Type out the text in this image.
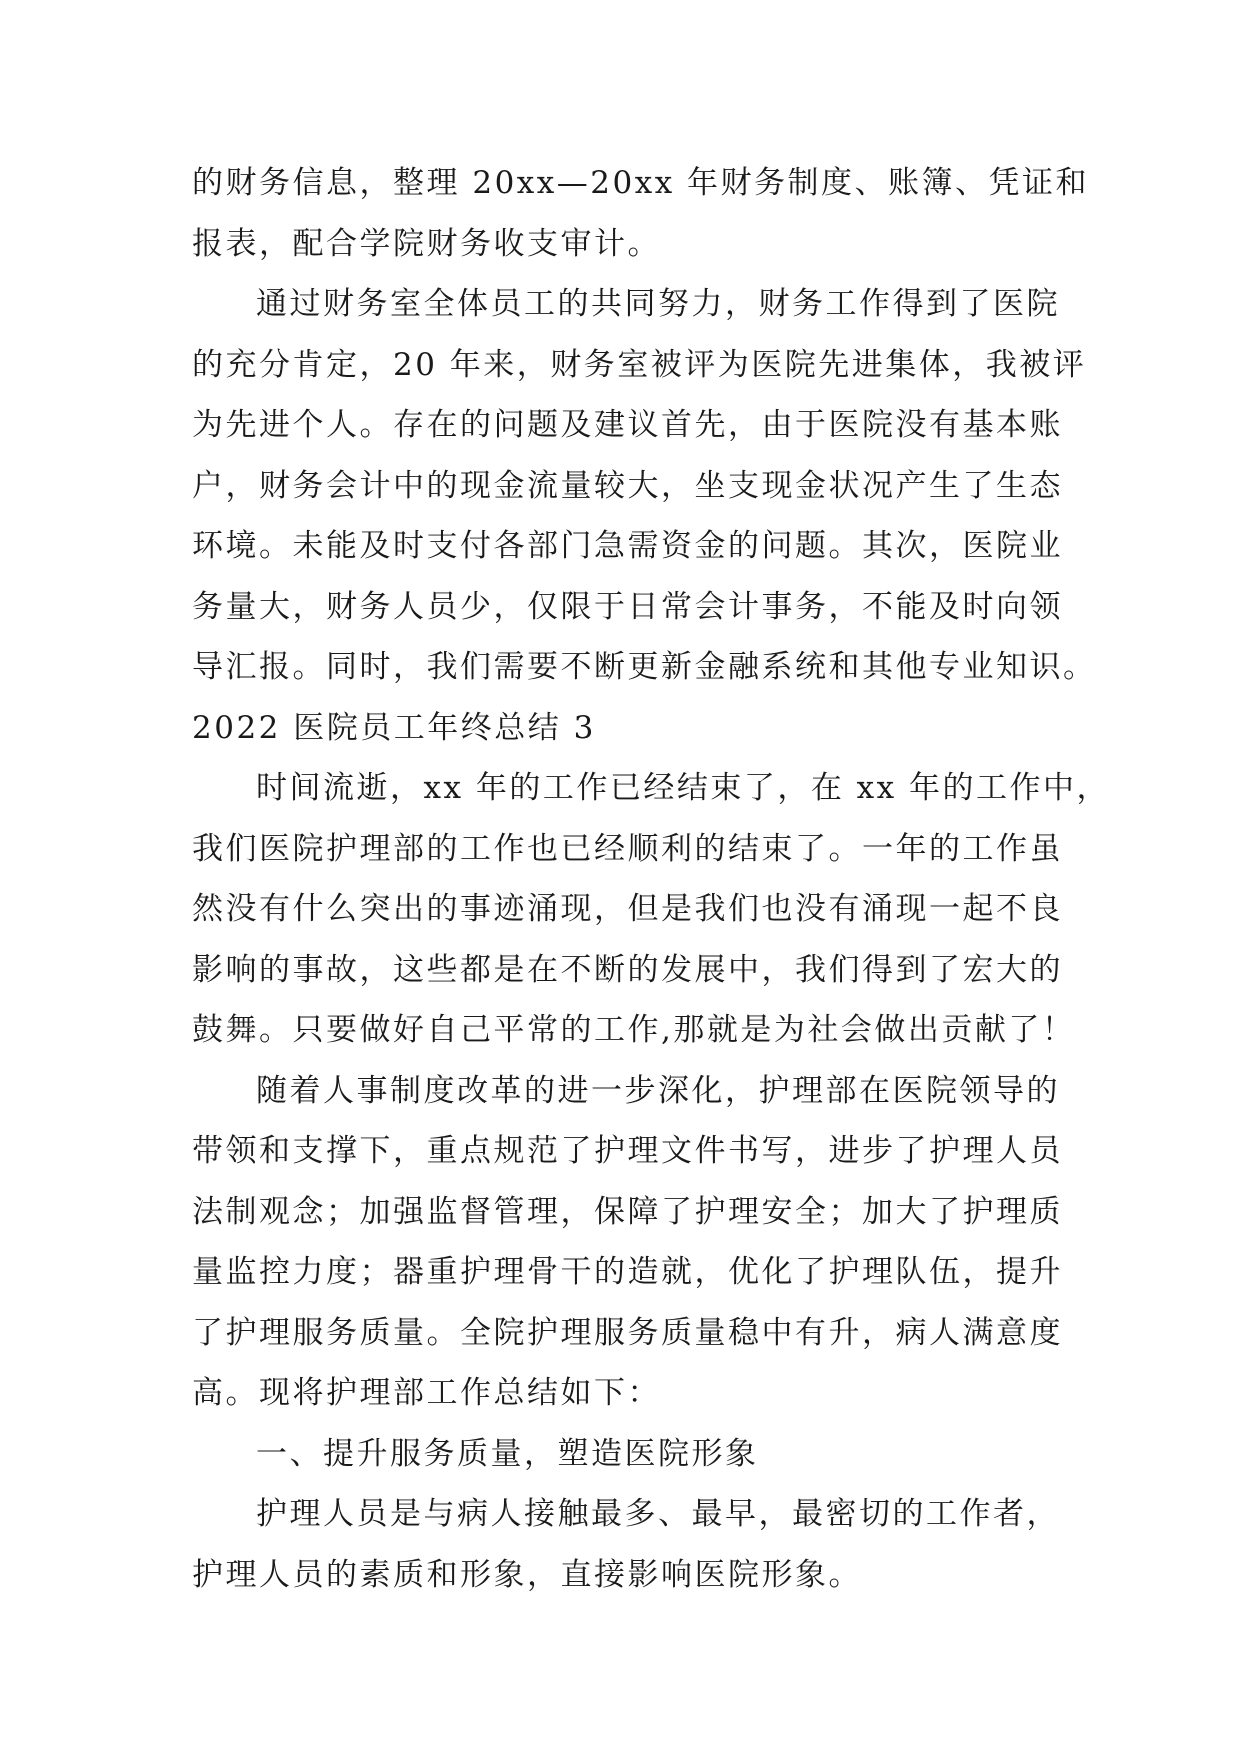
的财务信息，整理 20xx—20xx 年财务制度、账簿、凭证和
报表，配合学院财务收支审计。
通过财务室全体员工的共同努力，财务工作得到了医院
的充分肯定，20 年来，财务室被评为医院先进集体，我被评
为先进个人。存在的问题及建议首先，由于医院没有基本账
户，财务会计中的现金流量较大，坐支现金状况产生了生态
环境。未能及时支付各部门急需资金的问题。其次，医院业
务量大，财务人员少，仅限于日常会计事务，不能及时向领
导汇报。同时，我们需要不断更新金融系统和其他专业知识。
2022 医院员工年终总结 3
时间流逝，xx 年的工作已经结束了，在 xx 年的工作中，
我们医院护理部的工作也已经顺利的结束了。一年的工作虽
然没有什么突出的事迹涌现，但是我们也没有涌现一起不良
影响的事故，这些都是在不断的发展中，我们得到了宏大的
鼓舞。只要做好自己平常的工作,那就是为社会做出贡献了！
随着人事制度改革的进一步深化，护理部在医院领导的
带领和支撑下，重点规范了护理文件书写，进步了护理人员
法制观念；加强监督管理，保障了护理安全；加大了护理质
量监控力度；器重护理骨干的造就，优化了护理队伍，提升
了护理服务质量。全院护理服务质量稳中有升，病人满意度
高。现将护理部工作总结如下：
一、提升服务质量，塑造医院形象
护理人员是与病人接触最多、最早，最密切的工作者，
护理人员的素质和形象，直接影响医院形象。
